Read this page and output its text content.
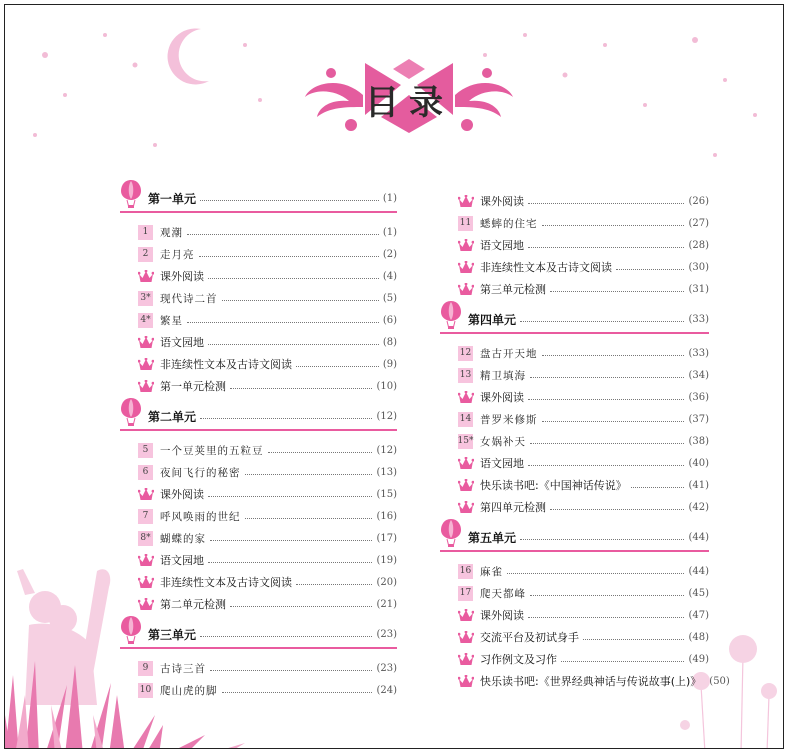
目录
第一单元	(1)
1	观潮	(1)
2	走月亮	(2)
课外阅读	(4)
3* 现代诗二首	(5)
4* 繁星	(6)
语文园地	(8)
非连续性文本及古诗文阅读	(9)
第一单元检测	(10)
第二单元	(12)
5	一个豆荚里的五粒豆	(12)
6	夜间飞行的秘密	(13)
课外阅读	(15)
7	呼风唤雨的世纪	(16)
8* 蝴蝶的家	(17)
语文园地	(19)
非连续性文本及古诗文阅读	(20)
第二单元检测	(21)
第三单元	(23)
9	古诗三首	(23)
10 爬山虎的脚	(24)
课外阅读	(26)
11 蟋蟀的住宅	(27)
语文园地	(28)
非连续性文本及古诗文阅读	(30)
第三单元检测	(31)
第四单元	(33)
12 盘古开天地	(33)
13 精卫填海	(34)
课外阅读	(36)
14 普罗米修斯	(37)
15* 女娲补天	(38)
语文园地	(40)
快乐读书吧:《中国神话传说》	(41)
第四单元检测	(42)
第五单元	(44)
16 麻雀	(44)
17 爬天都峰	(45)
课外阅读	(47)
交流平台及初试身手	(48)
习作例文及习作	(49)
快乐读书吧:《世界经典神话与传说故事(上)》 (50)
